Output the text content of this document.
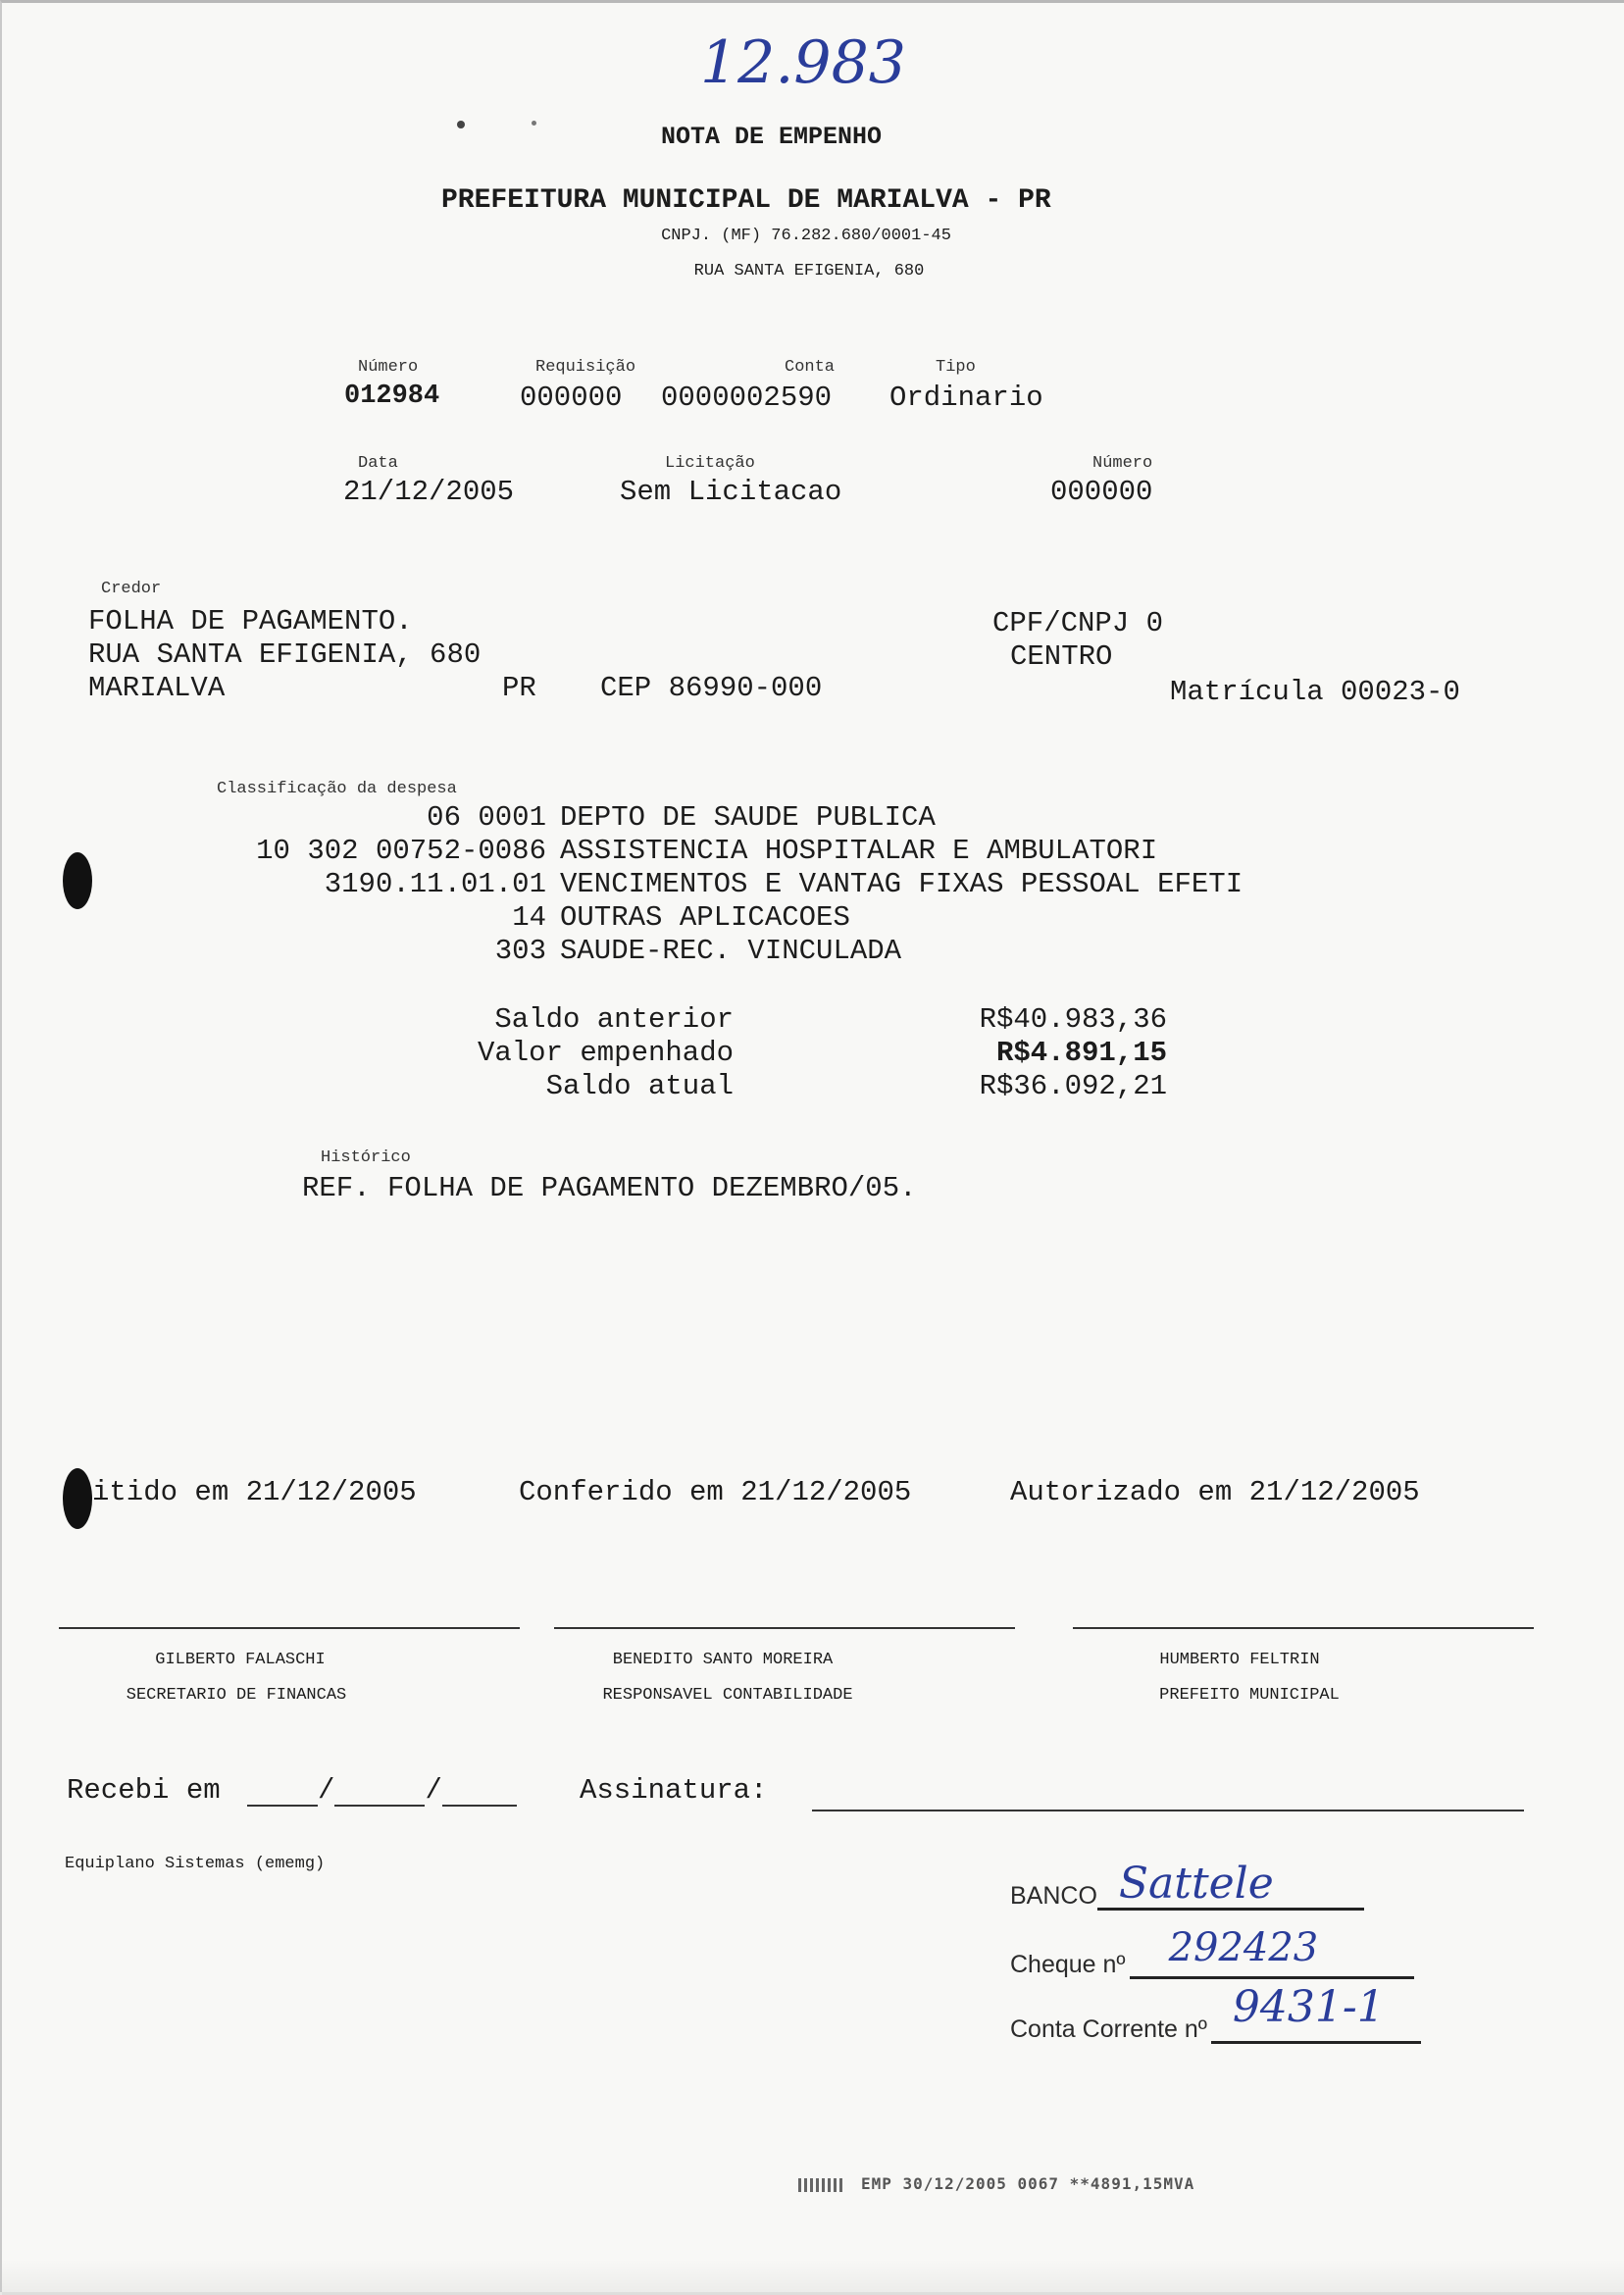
12.983
NOTA DE EMPENHO
PREFEITURA MUNICIPAL DE MARIALVA - PR
CNPJ. (MF) 76.282.680/0001-45
RUA SANTA EFIGENIA, 680
Número	Requisição	Conta	Tipo
012984	000000 0000002590 Ordinario
Data	Licitação	Número
21/12/2005	Sem Licitacao	000000
Credor
FOLHA DE PAGAMENTO.
RUA SANTA EFIGENIA, 680
MARIALVA	PR CEP 86990-000
CPF/CNPJ 0
CENTRO
Matrícula 00023-0
Classificação da despesa
06 0001 DEPTO DE SAUDE PUBLICA
10 302 00752-0086 ASSISTENCIA HOSPITALAR E AMBULATORI
3190.11.01.01 VENCIMENTOS E VANTAG FIXAS PESSOAL EFETI
14 OUTRAS APLICACOES
303 SAUDE-REC. VINCULADA
Saldo anterior	R$40.983,36
Valor empenhado	R$4.891,15
Saldo atual	R$36.092,21
Histórico
REF. FOLHA DE PAGAMENTO DEZEMBRO/05.
itido em 21/12/2005	Conferido em 21/12/2005	Autorizado em 21/12/2005
GILBERTO FALASCHI
SECRETARIO DE FINANCAS
BENEDITO SANTO MOREIRA
RESPONSAVEL CONTABILIDADE
HUMBERTO FELTRIN
PREFEITO MUNICIPAL
Recebi em	/	/	Assinatura:
Equiplano Sistemas (ememg)
BANCO Sattele
Cheque nº 292423
Conta Corrente nº 9431-1
EMP 30/12/2005 0067 **4891,15MVA
